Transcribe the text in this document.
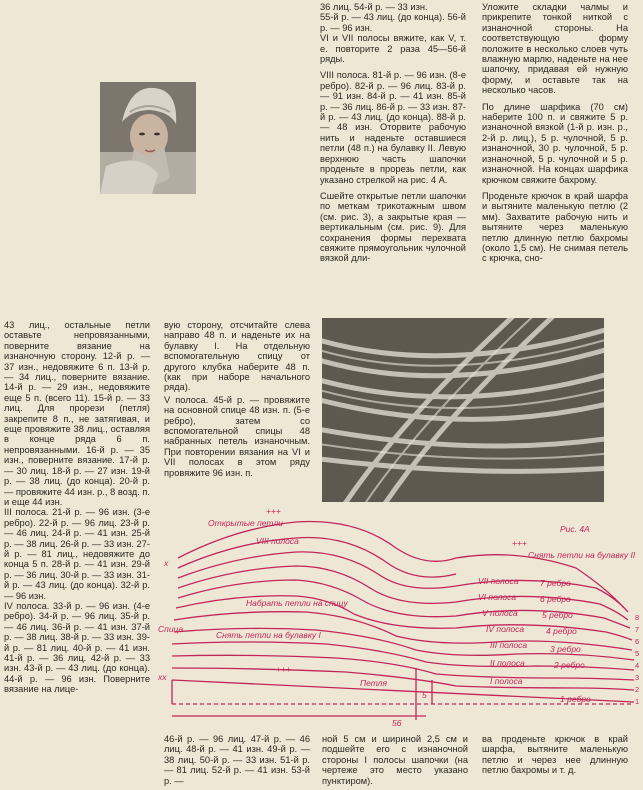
36 лиц. 54-й р. — 33 изн.

55-й р. — 43 лиц. (до конца). 56-й р. — 96 изн.

VI и VII полосы вяжите, как V, т. е. повторите 2 раза 45—56-й ряды.

VIII полоса. 81-й р. — 96 изн. (8-е ребро). 82-й р. — 96 лиц. 83-й р. — 91 изн. 84-й р. — 41 изн. 85-й р. — 36 лиц. 86-й р. — 33 изн. 87-й р. — 43 лиц. (до конца). 88-й р. — 48 изн. Оторвите рабочую нить и наденьте оставшиеся петли (48 п.) на булавку II. Левую верхнюю часть шапочки проденьте в прорезь петли, как указано стрелкой на рис. 4 А.

Сшейте открытые петли шапочки по меткам трикотажным швом (см. рис. 3), а закрытые края — вертикальным (см. рис. 9). Для сохранения формы перехвата свяжите прямоугольник чулочной вязкой дли-

Уложите складки чалмы и прикрепите тонкой ниткой с изнаночной стороны. На соответствующую форму положите в несколько слоев чуть влажную марлю, наденьте на нее шапочку, придавая ей нужную форму, и оставьте так на несколько часов.

По длине шарфика (70 см) наберите 100 п. и свяжите 5 р. изнаночной вязкой (1-й р. изн. р., 2-й р. лиц.), 5 р. чулочной, 5 р. изнаночной, 30 р. чулочной, 5 р. изнаночной, 5 р. чулочной и 5 р. изнаночной. На концах шарфика крючком свяжите бахрому.

Проденьте крючок в край шарфа и вытяните маленькую петлю (2 мм). Захватите рабочую нить и вытяните через маленькую петлю длинную петлю бахромы (около 1,5 см). Не снимая петель с крючка, сно-

43 лиц., остальные петли оставьте непровязанными, поверните вязание на изнаночную сторону. 12-й р. — 37 изн., недовяжите 6 п. 13-й р. — 34 лиц., поверните вязание. 14-й р. — 29 изн., недовяжите еще 5 п. (всего 11). 15-й р. — 33 лиц. Для прорези (петля) закрепите 8 п., не затягивая, и еще провяжите 38 лиц., оставляя в конце ряда 6 п. непровязанными. 16-й р. — 35 изн., поверните вязание. 17-й р. — 30 лиц. 18-й р. — 27 изн. 19-й р. — 38 лиц. (до конца). 20-й р. — провяжите 44 изн. р., 8 возд. п. и еще 44 изн.

III полоса. 21-й р. — 96 изн. (3-е ребро). 22-й р. — 96 лиц. 23-й р. — 46 лиц. 24-й р. — 41 изн. 25-й р. — 38 лиц. 26-й р. — 33 изн. 27-й р. — 81 лиц., недовяжите до конца 5 п. 28-й р. — 41 изн. 29-й р. — 36 лиц. 30-й р. — 33 изн. 31-й р. — 43 лиц. (до конца). 32-й р. — 96 изн.

IV полоса. 33-й р. — 96 изн. (4-е ребро). 34-й р. — 96 лиц. 35-й р. — 46 лиц. 36-й р. — 41 изн. 37-й р. — 38 лиц. 38-й р. — 33 изн. 39-й р. — 81 лиц. 40-й р. — 41 изн. 41-й р. — 36 лиц. 42-й р. — 33 изн. 43-й р. — 43 лиц. (до конца). 44-й р. — 96 изн. Поверните вязание на лице-

вую сторону, отсчитайте слева направо 48 п. и наденьте их на булавку I. На отдельную вспомогательную спицу от другого клубка наберите 48 п. (как при наборе начального ряда).

V полоса. 45-й р. — провяжите на основной спице 48 изн. п. (5-е ребро), затем со вспомогательной спицы 48 набранных петель изнаночным. При повторении вязания на VI и VII полосах в этом ряду провяжите 96 изн. п.

Открытые петли
VIII полоса
Снять петли на булавку II
Набрать петли на спицу
Снять петли на булавку I
Спица
Петля
Рис. 4А
+++
+++
+++
x
xx
56
5
VII полоса	7 ребро
VI полоса	6 ребро
V полоса	5 ребро
IV полоса	4 ребро
III полоса	3 ребро
II полоса	2 ребро
I полоса
1 ребро
8
7
6
5
4
3
2
1

46-й р. — 96 лиц. 47-й р. — 46 лиц. 48-й р. — 41 изн. 49-й р. — 38 лиц. 50-й р. — 33 изн. 51-й р. — 81 лиц. 52-й р. — 41 изн. 53-й р. —

ной 5 см и шириной 2,5 см и подшейте его с изнаночной стороны I полосы шапочки (на чертеже это место указано пунктиром).

ва проденьте крючок в край шарфа, вытяните маленькую петлю и через нее длинную петлю бахромы и т. д.
